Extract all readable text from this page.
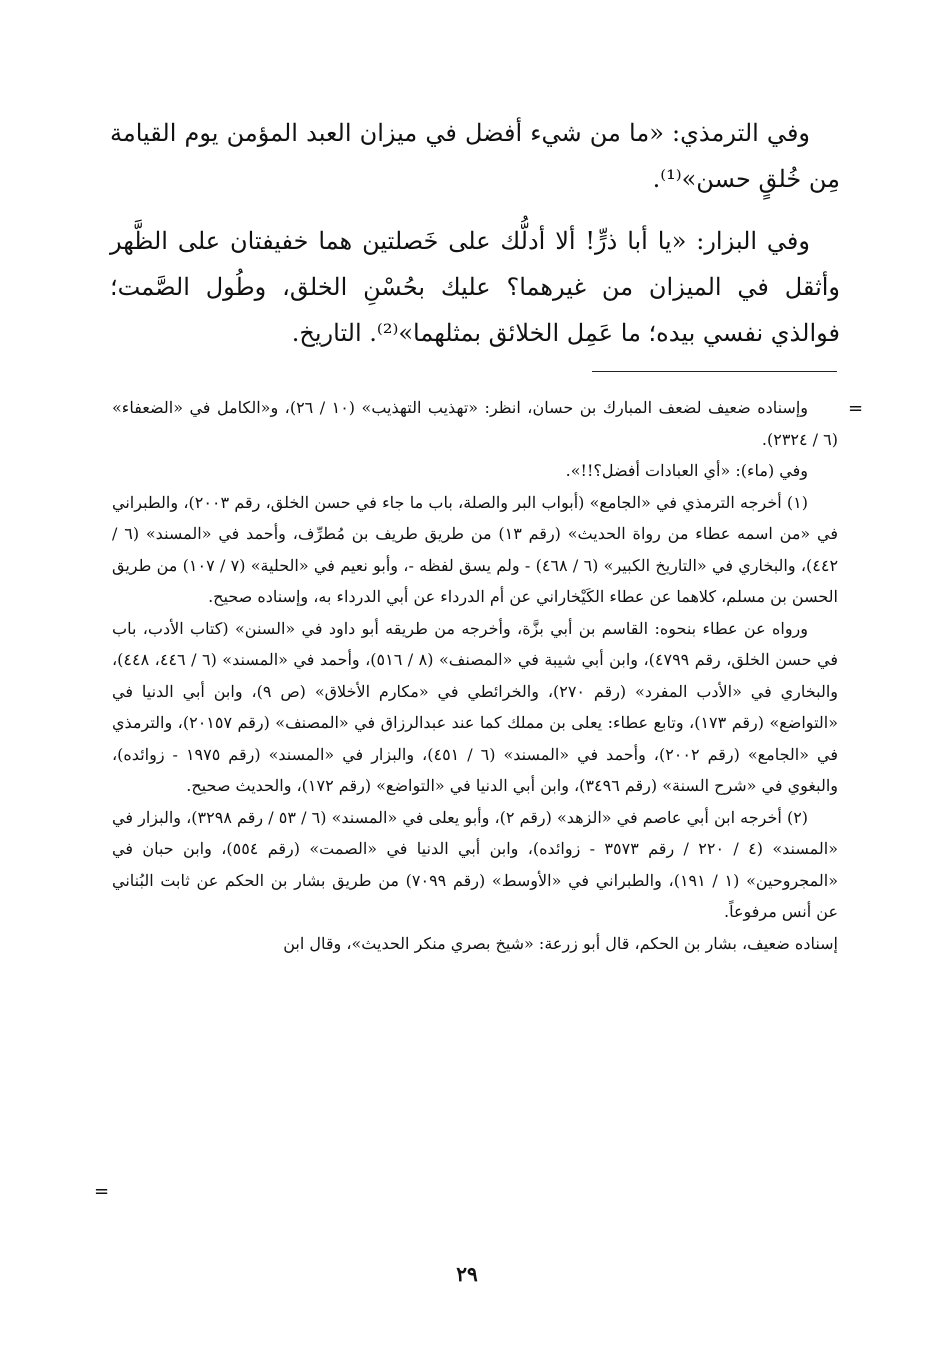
وفي الترمذي: «ما من شيء أفضل في ميزان العبد المؤمن يوم القيامة مِن خُلقٍ حسن»⁽¹⁾.

وفي البزار: «يا أبا ذرٍّ! ألا أدلُّك على خَصلتين هما خفيفتان على الظَّهر وأثقل في الميزان من غيرهما؟ عليك بحُسْنِ الخلق، وطُول الصَّمت؛ فوالذي نفسي بيده؛ ما عَمِل الخلائق بمثلهما»⁽²⁾. التاريخ.

=

وإسناده ضعيف لضعف المبارك بن حسان، انظر: «تهذيب التهذيب» (١٠ / ٢٦)، و«الكامل في «الضعفاء» (٦ / ٢٣٢٤).

وفي (ماء): «أي العبادات أفضل؟!!».

(١) أخرجه الترمذي في «الجامع» (أبواب البر والصلة، باب ما جاء في حسن الخلق، رقم ٢٠٠٣)، والطبراني في «من اسمه عطاء من رواة الحديث» (رقم ١٣) من طريق طريف بن مُطرِّف، وأحمد في «المسند» (٦ / ٤٤٢)، والبخاري في «التاريخ الكبير» (٦ / ٤٦٨) - ولم يسق لفظه -، وأبو نعيم في «الحلية» (٧ / ١٠٧) من طريق الحسن بن مسلم، كلاهما عن عطاء الكَيْخاراني عن أم الدرداء عن أبي الدرداء به، وإسناده صحيح.

ورواه عن عطاء بنحوه: القاسم بن أبي بزَّة، وأخرجه من طريقه أبو داود في «السنن» (كتاب الأدب، باب في حسن الخلق، رقم ٤٧٩٩)، وابن أبي شيبة في «المصنف» (٨ / ٥١٦)، وأحمد في «المسند» (٦ / ٤٤٦، ٤٤٨)، والبخاري في «الأدب المفرد» (رقم ٢٧٠)، والخرائطي في «مكارم الأخلاق» (ص ٩)، وابن أبي الدنيا في «التواضع» (رقم ١٧٣)، وتابع عطاء: يعلى بن مملك كما عند عبدالرزاق في «المصنف» (رقم ٢٠١٥٧)، والترمذي في «الجامع» (رقم ٢٠٠٢)، وأحمد في «المسند» (٦ / ٤٥١)، والبزار في «المسند» (رقم ١٩٧٥ - زوائده)، والبغوي في «شرح السنة» (رقم ٣٤٩٦)، وابن أبي الدنيا في «التواضع» (رقم ١٧٢)، والحديث صحيح.

(٢) أخرجه ابن أبي عاصم في «الزهد» (رقم ٢)، وأبو يعلى في «المسند» (٦ / ٥٣ / رقم ٣٢٩٨)، والبزار في «المسند» (٤ / ٢٢٠ / رقم ٣٥٧٣ - زوائده)، وابن أبي الدنيا في «الصمت» (رقم ٥٥٤)، وابن حبان في «المجروحين» (١ / ١٩١)، والطبراني في «الأوسط» (رقم ٧٠٩٩) من طريق بشار بن الحكم عن ثابت البُناني عن أنس مرفوعاً.

إسناده ضعيف، بشار بن الحكم، قال أبو زرعة: «شيخ بصري منكر الحديث»، وقال ابن

=
٢٩
